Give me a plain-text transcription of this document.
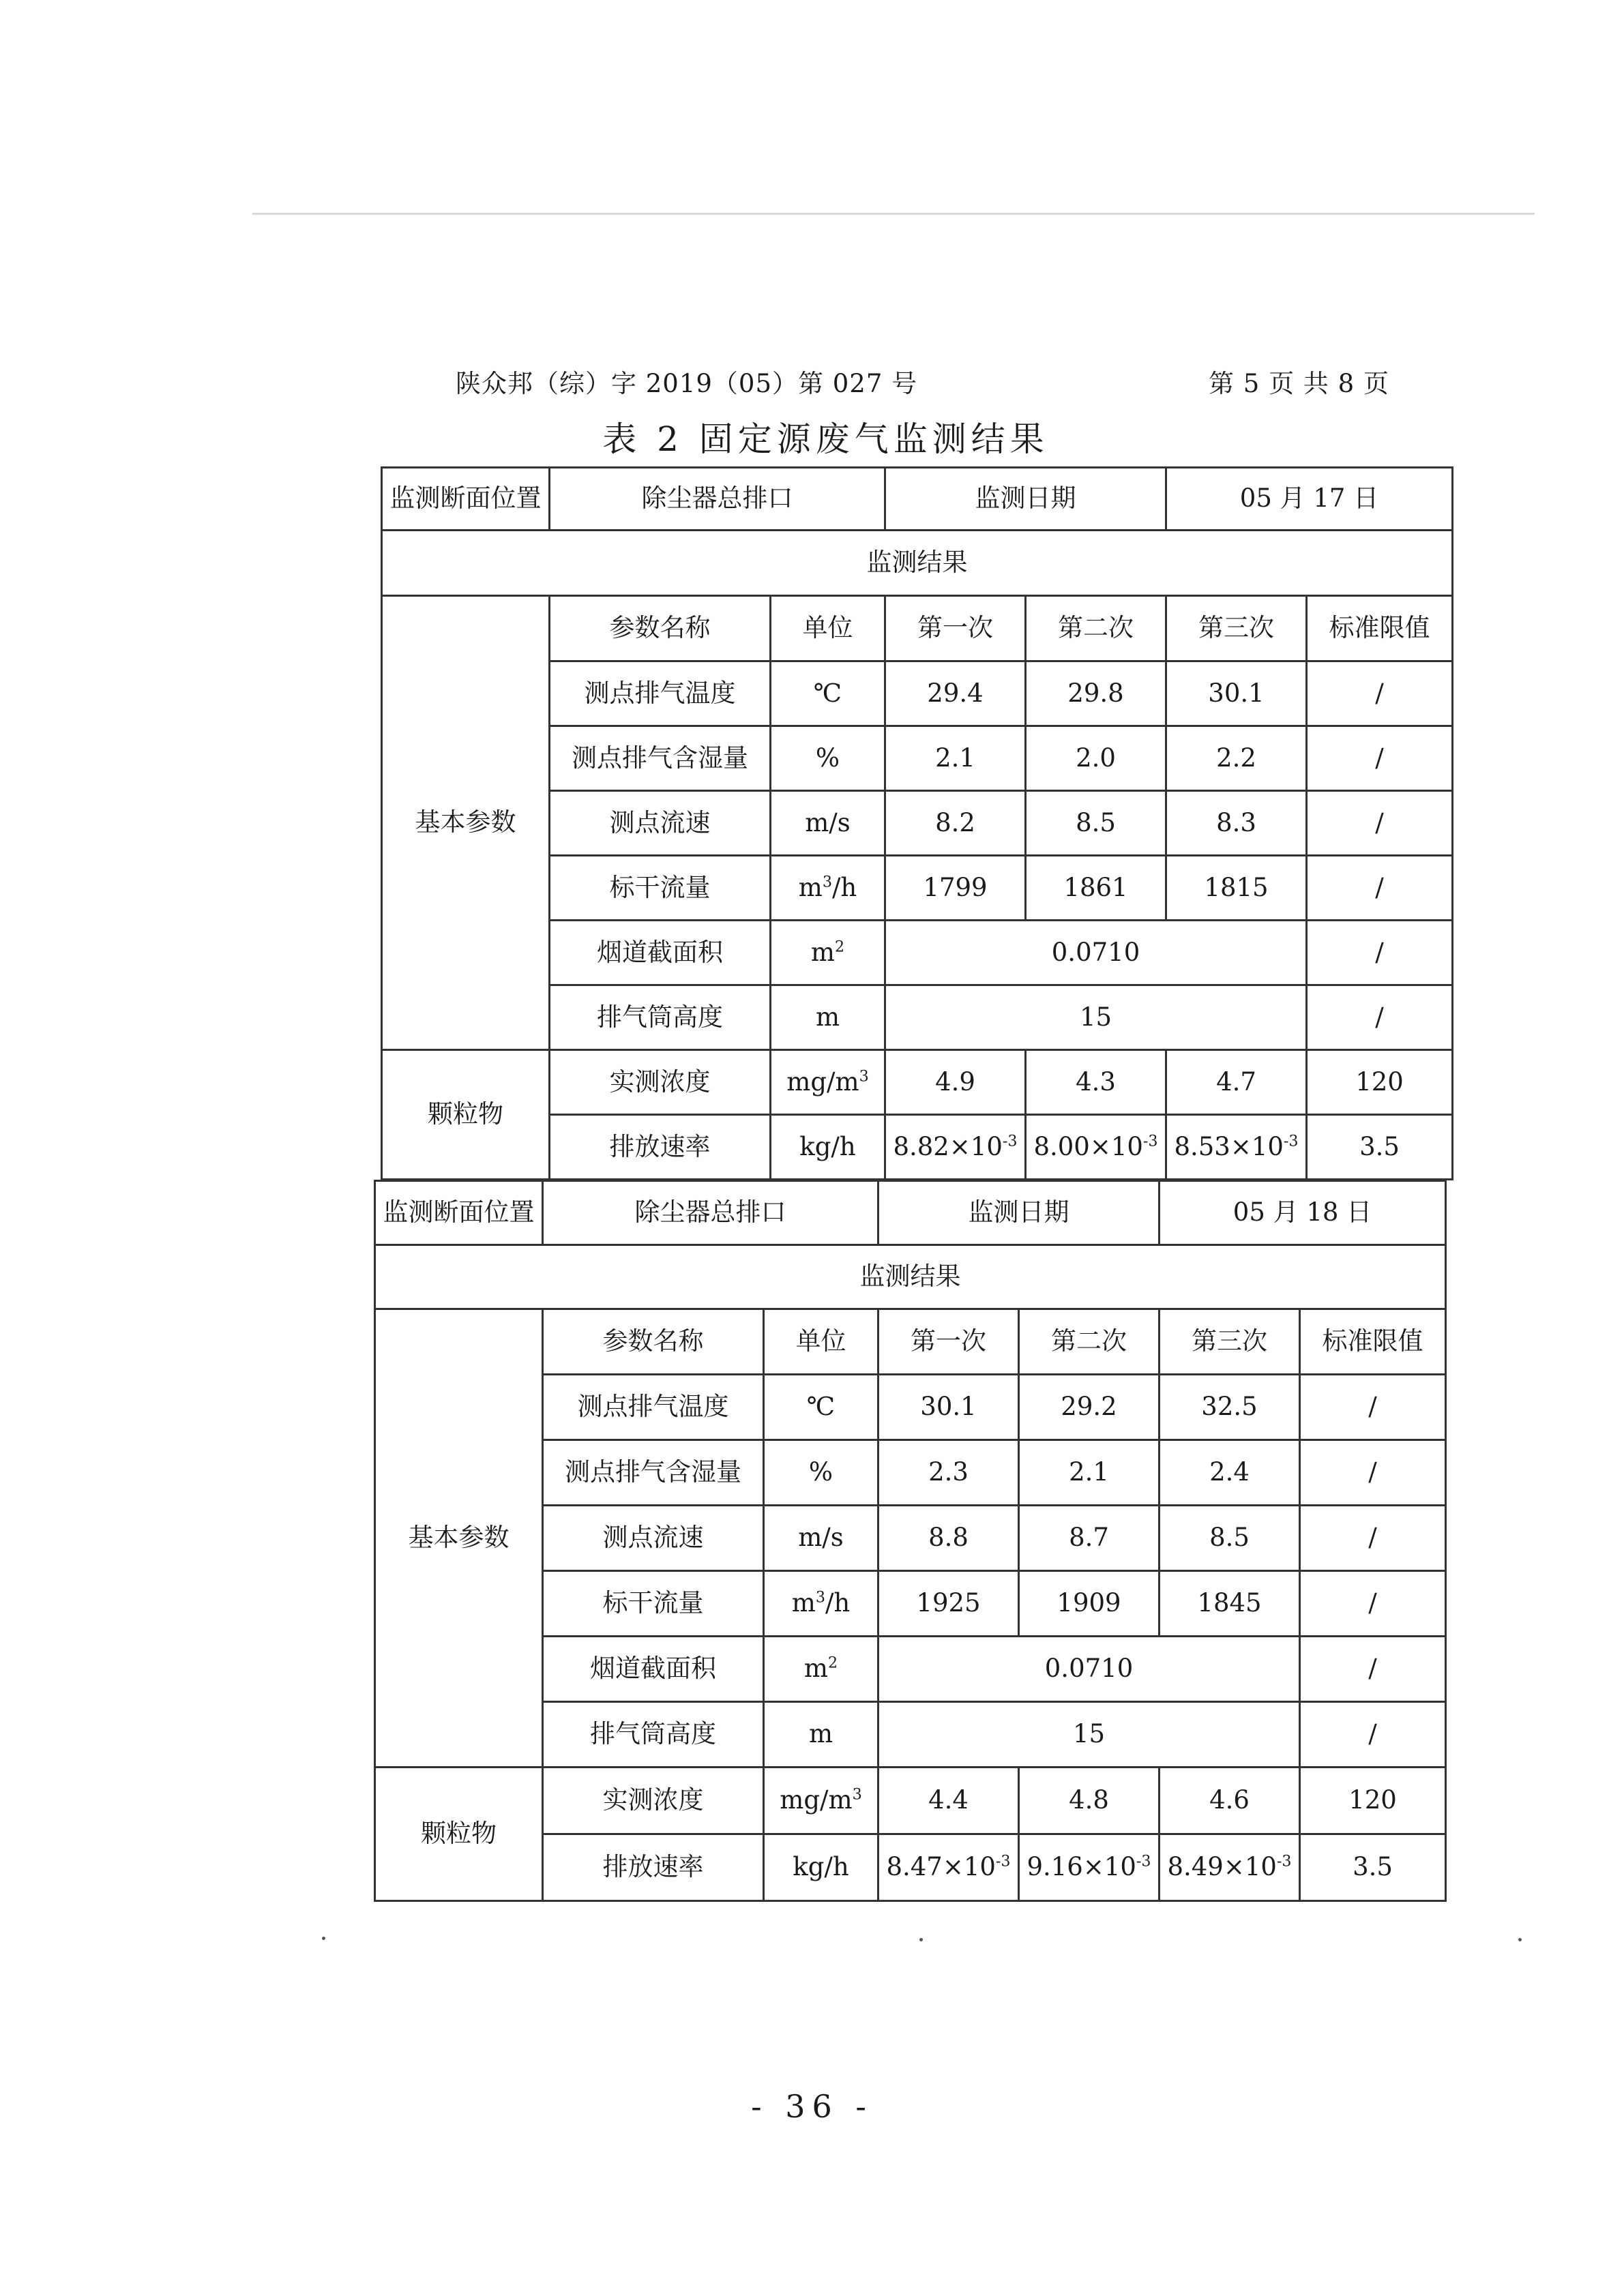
陕众邦（综）字 2019（05）第 027 号	第 5 页 共 8 页
表 2 固定源废气监测结果
监测断面位置	除尘器总排口		监测日期		05 月 17 日	
监测结果						
基本参数	参数名称	单位	第一次	第二次	第三次	标准限值
	测点排气温度	℃	29.4	29.8	30.1	/
	测点排气含湿量	%	2.1	2.0	2.2	/
	测点流速	m/s	8.2	8.5	8.3	/
	标干流量	$m^3/h$	1799	1861	1815	/
	烟道截面积	$m^2$	0.0710			/
	排气筒高度	m	15			/
颗粒物	实测浓度	$mg/m^3$	4.9	4.3	4.7	120
	排放速率	kg/h	$8.82\times 10^{-3}$	$8.00\times 10^{-3}$	$8.53\times 10^{-3}$	3.5
监测断面位置	除尘器总排口		监测日期		05 月 18 日	
监测结果						
基本参数	参数名称	单位	第一次	第二次	第三次	标准限值
	测点排气温度	℃	30.1	29.2	32.5	/
	测点排气含湿量	%	2.3	2.1	2.4	/
	测点流速	m/s	8.8	8.7	8.5	/
	标干流量	$m^3/h$	1925	1909	1845	/
	烟道截面积	$m^2$	0.0710			/
	排气筒高度	m	15			/
颗粒物	实测浓度	$mg/m^3$	4.4	4.8	4.6	120
	排放速率	kg/h	$8.47\times 10^{-3}$	$9.16\times 10^{-3}$	$8.49\times 10^{-3}$	3.5
- 36 -
